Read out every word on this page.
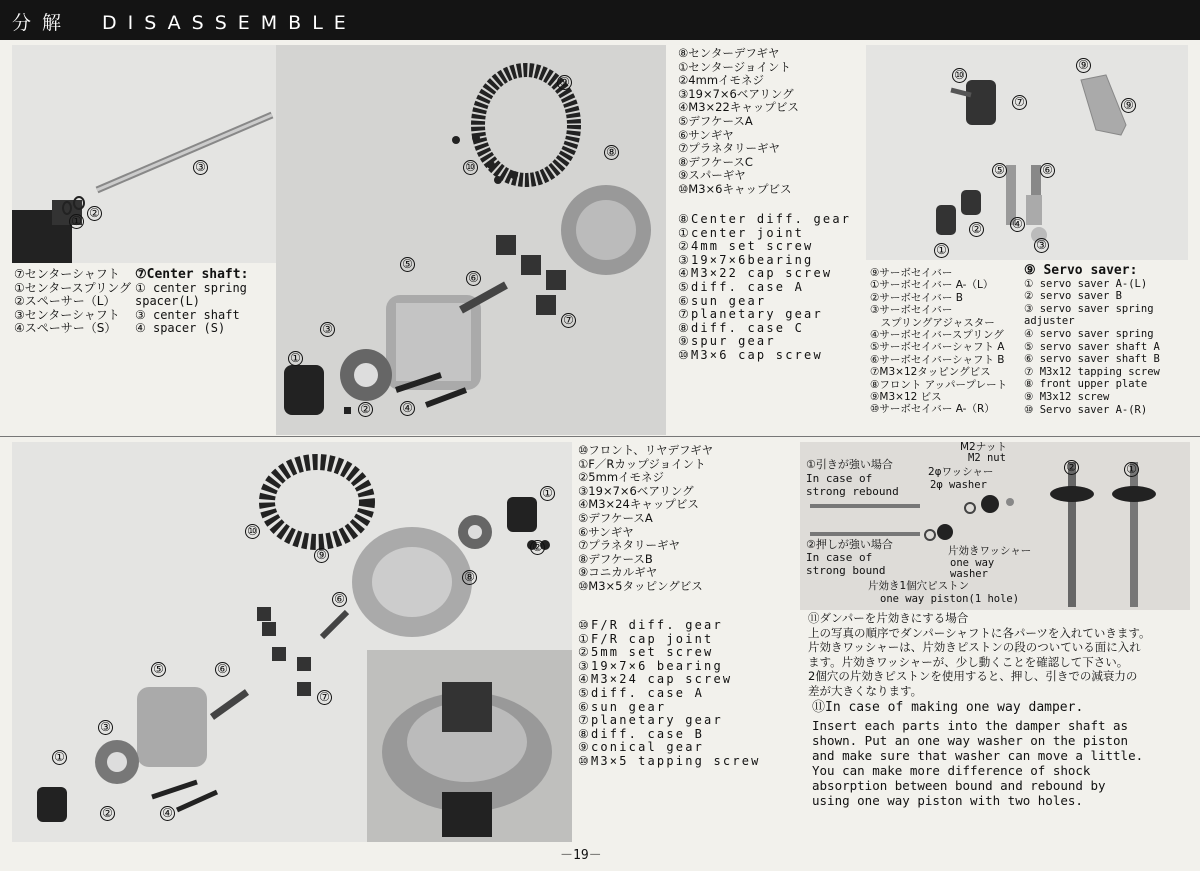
分解　DISASSEMBLE
③
②
①
⑨
⑩
⑧
⑤
⑥
⑦
③
①
②	④
⑦センターシャフト
①センタースプリング
②スペーサー（L）
③センターシャフト
④スペーサー（S）
⑦Center shaft:
① center spring
spacer(L)
③ center shaft
④ spacer (S)
⑧センターデフギヤ
①センタージョイント
②4mmイモネジ
③19×7×6ベアリング
④M3×22キャップビス
⑤デフケースA
⑥サンギヤ
⑦プラネタリーギヤ
⑧デフケースC
⑨スパーギヤ
⑩M3×6キャップビス
⑧Center diff. gear
①center joint
②4mm set screw
③19×7×6bearing
④M3×22 cap screw
⑤diff. case A
⑥sun gear
⑦planetary gear
⑧diff. case C
⑨spur gear
⑩M3×6 cap screw
⑩
⑨
⑦	⑨
⑤	⑥
④
③
②
①
⑨サーボセイバー
①サーボセイバー A-（L）
②サーボセイバー B
③サーボセイバー
　スプリングアジャスター
④サーボセイバースプリング
⑤サーボセイバーシャフト A
⑥サーボセイバーシャフト B
⑦M3×12タッピングビス
⑧フロント アッパープレート
⑨M3×12 ビス
⑩サーボセイバー A-（R）
⑨ Servo saver:
① servo saver A-(L)
② servo saver B
③ servo saver spring
adjuster
④ servo saver spring
⑤ servo saver shaft A
⑥ servo saver shaft B
⑦ M3x12 tapping screw
⑧ front upper plate
⑨ M3x12 screw
⑩ Servo saver A-(R)
①
②
⑩
⑨
⑧
⑥
⑤
③
⑥
⑦
①
②	④
⑩フロント、リヤデフギヤ
①F／Rカップジョイント
②5mmイモネジ
③19×7×6ベアリング
④M3×24キャップビス
⑤デフケースA
⑥サンギヤ
⑦プラネタリーギヤ
⑧デフケースB
⑨コニカルギヤ
⑩M3×5タッピングビス
⑩F/R diff. gear
①F/R cap joint
②5mm set screw
③19×7×6 bearing
④M3×24 cap screw
⑤diff. case A
⑥sun gear
⑦planetary gear
⑧diff. case B
⑨conical gear
⑩M3×5 tapping screw
①引きが強い場合
In case of
strong rebound
②押しが強い場合
In case of
strong bound
M2ナット
M2 nut
2φワッシャー
2φ washer
片効きワッシャー
one way
washer
片効き1個穴ピストン
one way piston(1 hole)
②	①
⑪ダンパーを片効きにする場合
上の写真の順序でダンパーシャフトに各パーツを入れていきます。
片効きワッシャーは、片効きピストンの段のついている面に入れ
ます。片効きワッシャーが、少し動くことを確認して下さい。
2個穴の片効きピストンを使用すると、押し、引きでの減衰力の
差が大きくなります。
⑪In case of making one way damper.
Insert each parts into the damper shaft as
shown. Put an one way washer on the piston
and make sure that washer can move a little.
You can make more difference of shock
absorption between bound and rebound by
using one way piston with two holes.
－19－
